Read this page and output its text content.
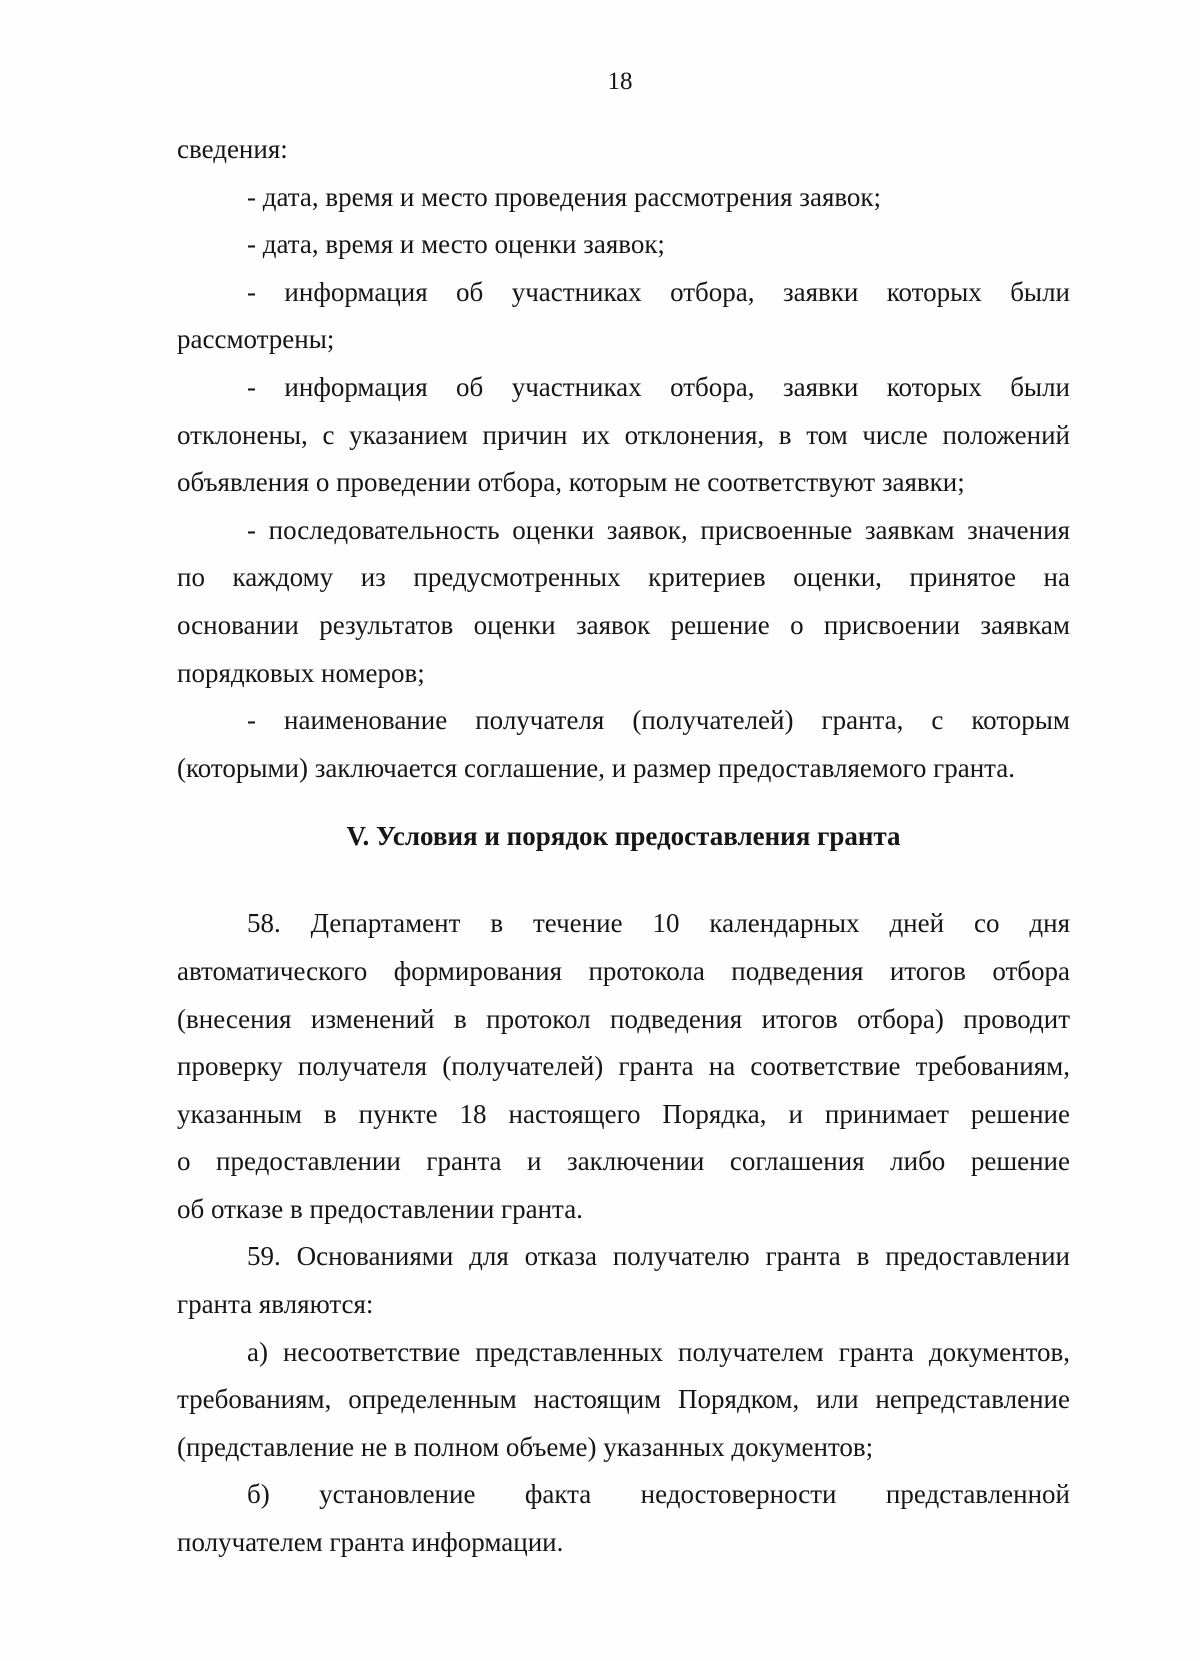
18
сведения:
- дата, время и место проведения рассмотрения заявок;
- дата, время и место оценки заявок;
- информация об участниках отбора, заявки которых были
рассмотрены;
- информация об участниках отбора, заявки которых были
отклонены, с указанием причин их отклонения, в том числе положений
объявления о проведении отбора, которым не соответствуют заявки;
- последовательность оценки заявок, присвоенные заявкам значения
по каждому из предусмотренных критериев оценки, принятое на
основании результатов оценки заявок решение о присвоении заявкам
порядковых номеров;
- наименование получателя (получателей) гранта, с которым
(которыми) заключается соглашение, и размер предоставляемого гранта.
V. Условия и порядок предоставления гранта
58. Департамент в течение 10 календарных дней со дня
автоматического формирования протокола подведения итогов отбора
(внесения изменений в протокол подведения итогов отбора) проводит
проверку получателя (получателей) гранта на соответствие требованиям,
указанным в пункте 18 настоящего Порядка, и принимает решение
о предоставлении гранта и заключении соглашения либо решение
об отказе в предоставлении гранта.
59. Основаниями для отказа получателю гранта в предоставлении
гранта являются:
а) несоответствие представленных получателем гранта документов,
требованиям, определенным настоящим Порядком, или непредставление
(представление не в полном объеме) указанных документов;
б) установление факта недостоверности представленной
получателем гранта информации.
